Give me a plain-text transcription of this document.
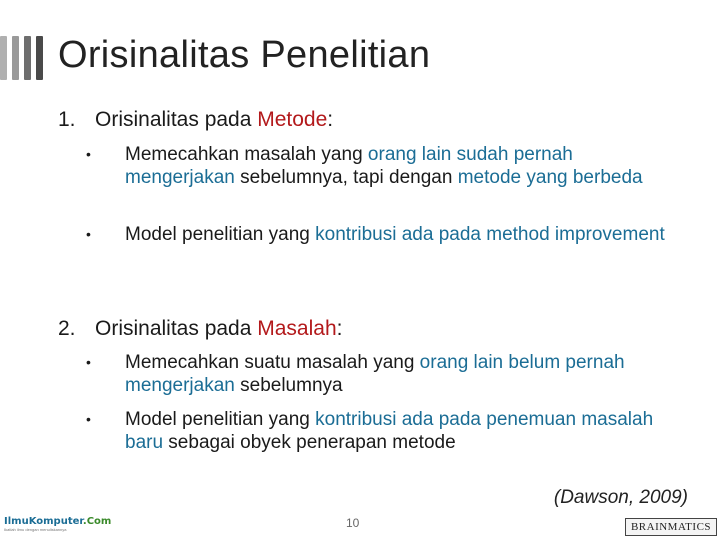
Orisinalitas Penelitian
1. Orisinalitas pada Metode:
• Memecahkan masalah yang orang lain sudah pernah mengerjakan sebelumnya, tapi dengan metode yang berbeda
• Model penelitian yang kontribusi ada pada method improvement
2. Orisinalitas pada Masalah:
• Memecahkan suatu masalah yang orang lain belum pernah mengerjakan sebelumnya
• Model penelitian yang kontribusi ada pada penemuan masalah baru sebagai obyek penerapan metode
(Dawson, 2009)
IlmuKomputer.Com
Ikatlah ilmu dengan menuliskannya	10	BRAINMATICS
